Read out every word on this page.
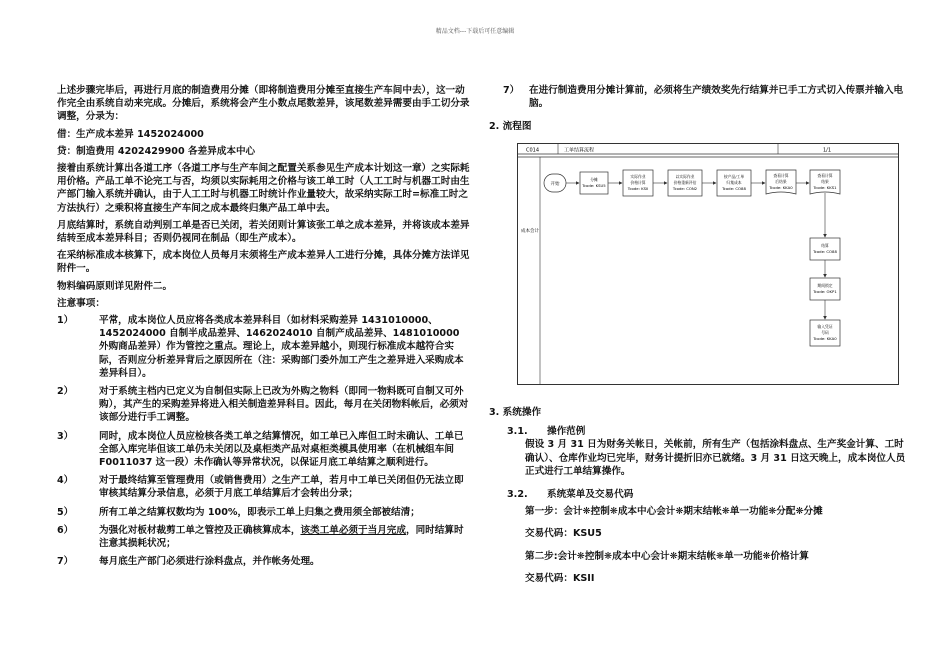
精品文档---下载后可任意编辑

上述步骤完毕后，再进行月底的制造费用分摊（即将制造费用分摊至直接生产车间中去），这一动作完全由系统自动来完成。分摊后，系统将会产生小数点尾数差异，该尾数差异需要由手工切分录调整，分录为：

借：生产成本差异 1452024000

贷：制造费用 4202429900 各差异成本中心

接着由系统计算出各道工序（各道工序与生产车间之配置关系参见生产成本计划这一章）之实际耗用价格。产品工单不论完工与否，均须以实际耗用之价格与该工单工时（人工工时与机器工时由生产部门输入系统并确认，由于人工工时与机器工时统计作业量较大，故采纳实际工时=标准工时之方法执行）之乘积将直接生产车间之成本最终归集产品工单中去。

月底结算时，系统自动判别工单是否已关闭，若关闭则计算该张工单之成本差异，并将该成本差异结转至成本差异科目；否则仍视同在制品（即生产成本）。

在采纳标准成本核算下，成本岗位人员每月末须将生产成本差异人工进行分摊，具体分摊方法详见附件一。

物料编码原则详见附件二。

注意事项：

1）	平常，成本岗位人员应将各类成本差异科目（如材料采购差异 1431010000、1452024000 自制半成品差异、1462024010 自制产成品差异、1481010000 外购商品差异）作为管控之重点。理论上，成本差异越小，则现行标准成本越符合实际，否则应分析差异背后之原因所在（注：采购部门委外加工产生之差异进入采购成本差异科目）。
2）	对于系统主档内已定义为自制但实际上已改为外购之物料（即同一物料既可自制又可外购），其产生的采购差异将进入相关制造差异科目。因此，每月在关闭物料帐后，必须对该部分进行手工调整。
3）	同时，成本岗位人员应检核各类工单之结算情况，如工单已入库但工时未确认、工单已全部入库完毕但该工单仍未关闭以及桌柜类产品对桌柜类模具使用率（在机械组车间 F0011037 这一段）未作确认等异常状况，以保证月底工单结算之顺利进行。
4）	对于最终结算至管理费用（或销售费用）之生产工单，若月中工单已关闭但仍无法立即审核其结算分录信息，必须于月底工单结算后才会转出分录；
5）	所有工单之结算权数均为 100%，即表示工单上归集之费用须全部被结清；
6）	为强化对板材裁剪工单之管控及正确核算成本，该类工单必须于当月完成，同时结算时注意其损耗状况；
7）	每月底生产部门必须进行涂料盘点，并作帐务处理。
7）	在进行制造费用分摊计算前，必须将生产绩效奖先行结算并已手工方式切入传票并输入电脑。

2. 流程图

C014	工单结算流程	1/1
成本会计
开始
分摊
Tcode: KSU5
实际作业
价格计算
Tcode: KSII
以实际作业
价格重新评估
Tcode: CON2
按产品/工单
归集成本
Tcode: CO88
查看计算
后结果
Tcode: KKA0
查看计算
结果
Tcode: KKS1
结算
Tcode: CO88
期间锁定
Tcode: OKP1
输入凭证
号码
Tcode: KKA0

3. 系统操作

3.1.	操作范例

假设 3 月 31 日为财务关帐日，关帐前，所有生产（包括涂料盘点、生产奖金计算、工时确认）、仓库作业均已完毕，财务计提折旧亦已就绪。3 月 31 日这天晚上，成本岗位人员正式进行工单结算操作。

3.2.	系统菜单及交易代码

第一步：会计❋控制❋成本中心会计❋期末结帐❋单一功能❋分配❋分摊

交易代码：KSU5

第二步:会计❋控制❋成本中心会计❋期末结帐❋单一功能❋价格计算

交易代码：KSII
